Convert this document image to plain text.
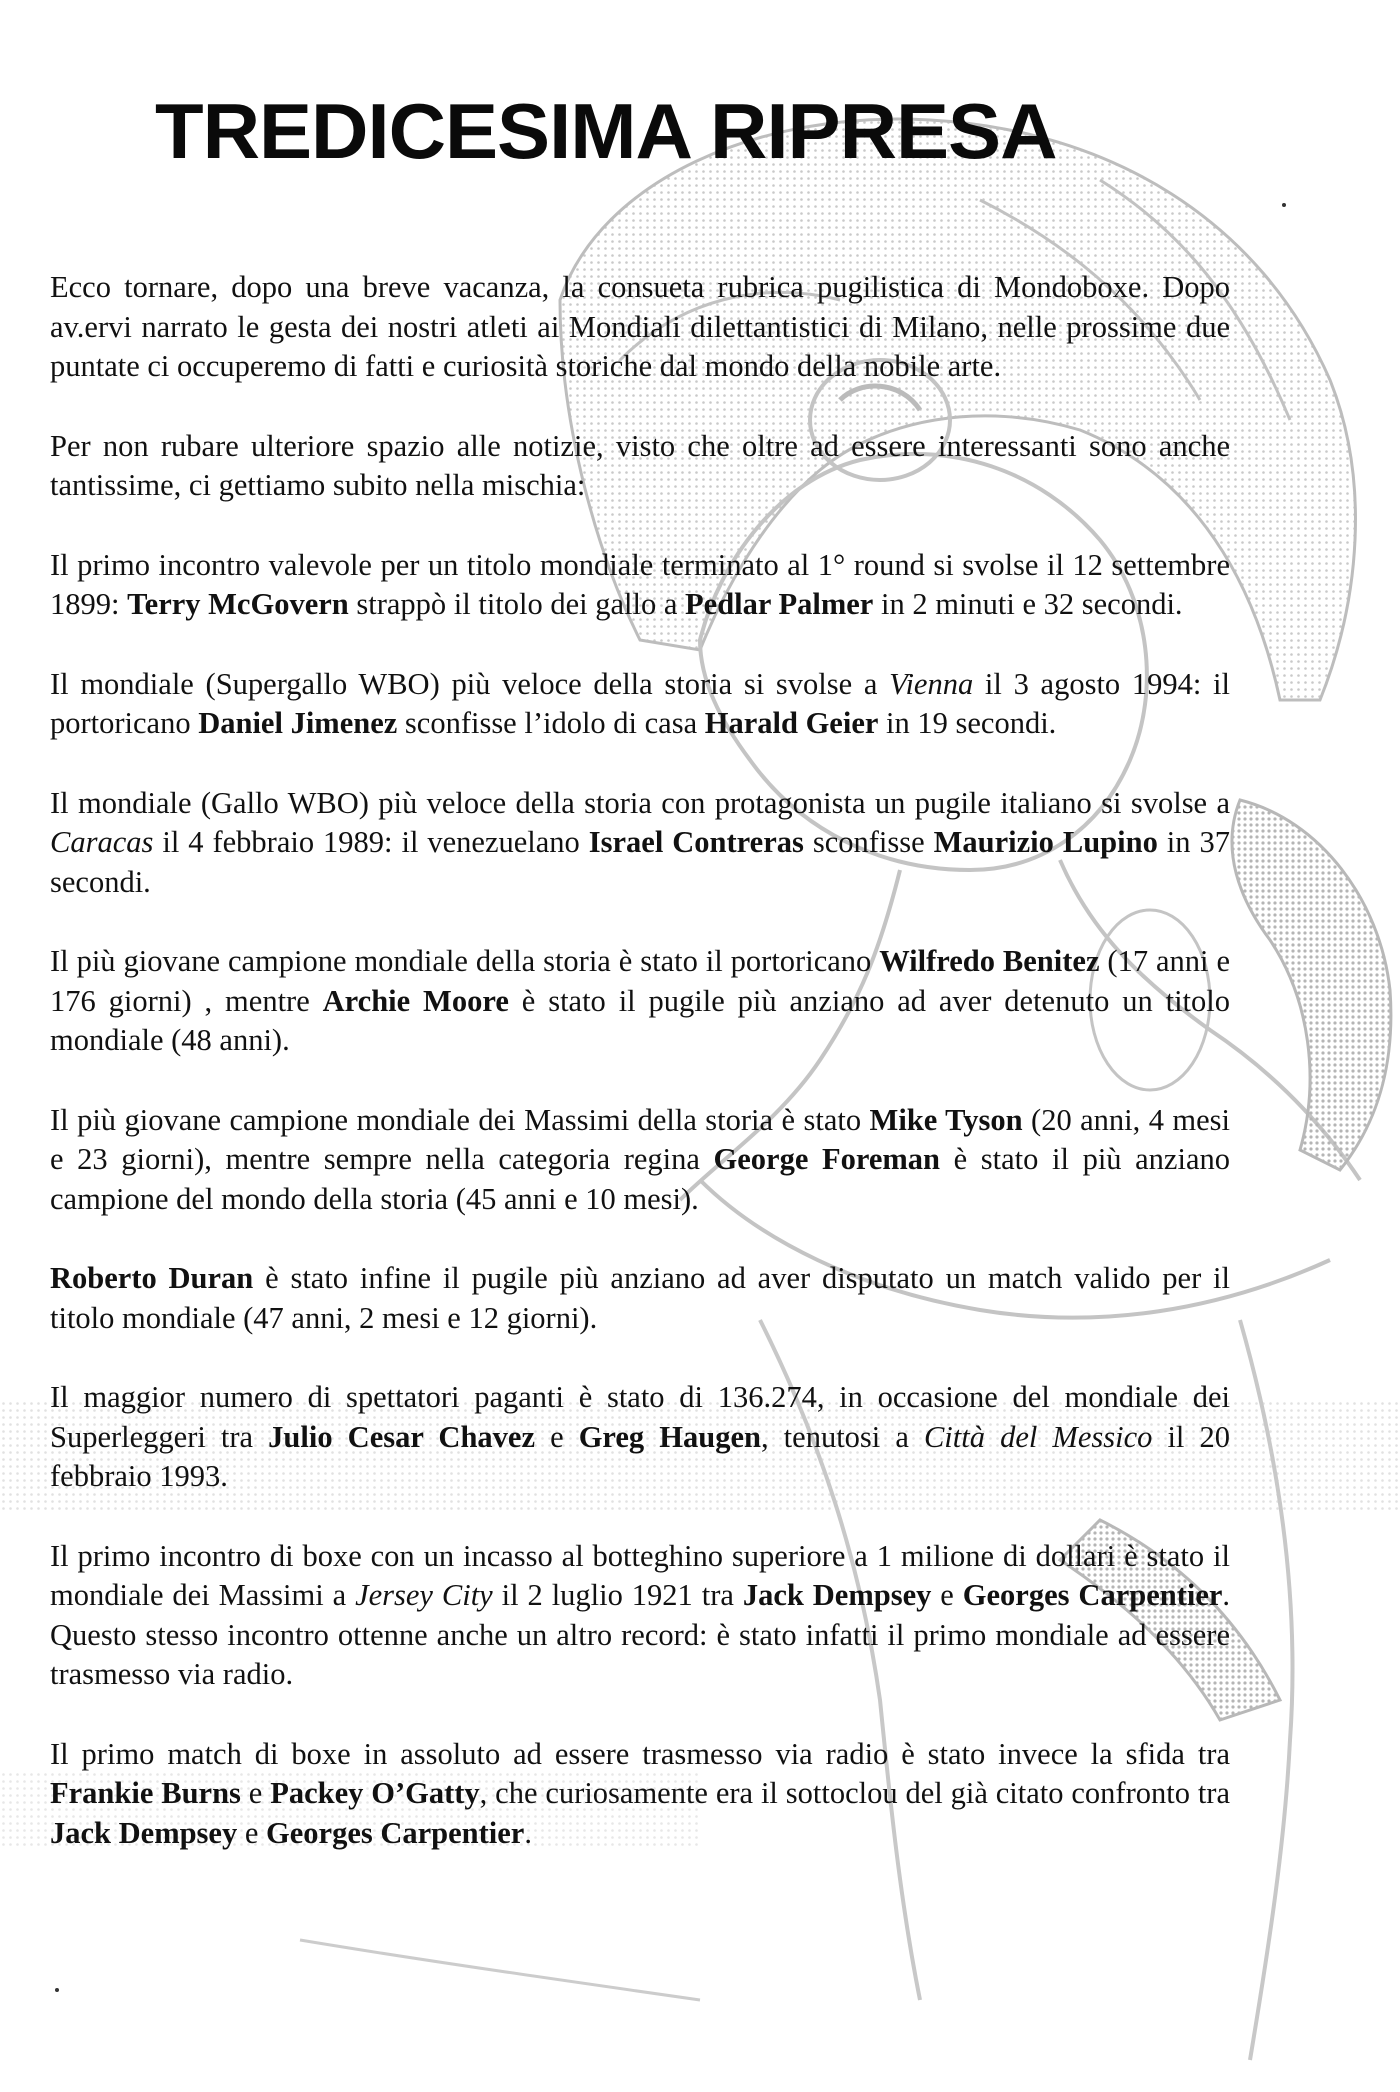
TREDICESIMA RIPRESA

Ecco tornare, dopo una breve vacanza, la consueta rubrica pugilistica di Mondoboxe. Dopo av.ervi narrato le gesta dei nostri atleti ai Mondiali dilettantistici di Milano, nelle prossime due puntate ci occuperemo di fatti e curiosità storiche dal mondo della nobile arte.

Per non rubare ulteriore spazio alle notizie, visto che oltre ad essere interessanti sono anche tantissime, ci gettiamo subito nella mischia:

Il primo incontro valevole per un titolo mondiale terminato al 1° round si svolse il 12 settembre 1899: Terry McGovern strappò il titolo dei gallo a Pedlar Palmer in 2 minuti e 32 secondi.

Il mondiale (Supergallo WBO) più veloce della storia si svolse a Vienna il 3 agosto 1994: il portoricano Daniel Jimenez sconfisse l’idolo di casa Harald Geier in 19 secondi.

Il mondiale (Gallo WBO) più veloce della storia con protagonista un pugile italiano si svolse a Caracas il 4 febbraio 1989: il venezuelano Israel Contreras sconfisse Maurizio Lupino in 37 secondi.

Il più giovane campione mondiale della storia è stato il portoricano Wilfredo Benitez (17 anni e 176 giorni) , mentre Archie Moore è stato il pugile più anziano ad aver detenuto un titolo mondiale (48 anni).

Il più giovane campione mondiale dei Massimi della storia è stato Mike Tyson (20 anni, 4 mesi e 23 giorni), mentre sempre nella categoria regina George Foreman è stato il più anziano campione del mondo della storia (45 anni e 10 mesi).

Roberto Duran è stato infine il pugile più anziano ad aver disputato un match valido per il titolo mondiale (47 anni, 2 mesi e 12 giorni).

Il maggior numero di spettatori paganti è stato di 136.274, in occasione del mondiale dei Superleggeri tra Julio Cesar Chavez e Greg Haugen, tenutosi a Città del Messico il 20 febbraio 1993.

Il primo incontro di boxe con un incasso al botteghino superiore a 1 milione di dollari è stato il mondiale dei Massimi a Jersey City il 2 luglio 1921 tra Jack Dempsey e Georges Carpentier. Questo stesso incontro ottenne anche un altro record: è stato infatti il primo mondiale ad essere trasmesso via radio.

Il primo match di boxe in assoluto ad essere trasmesso via radio è stato invece la sfida tra Frankie Burns e Packey O’Gatty, che curiosamente era il sottoclou del già citato confronto tra Jack Dempsey e Georges Carpentier.
